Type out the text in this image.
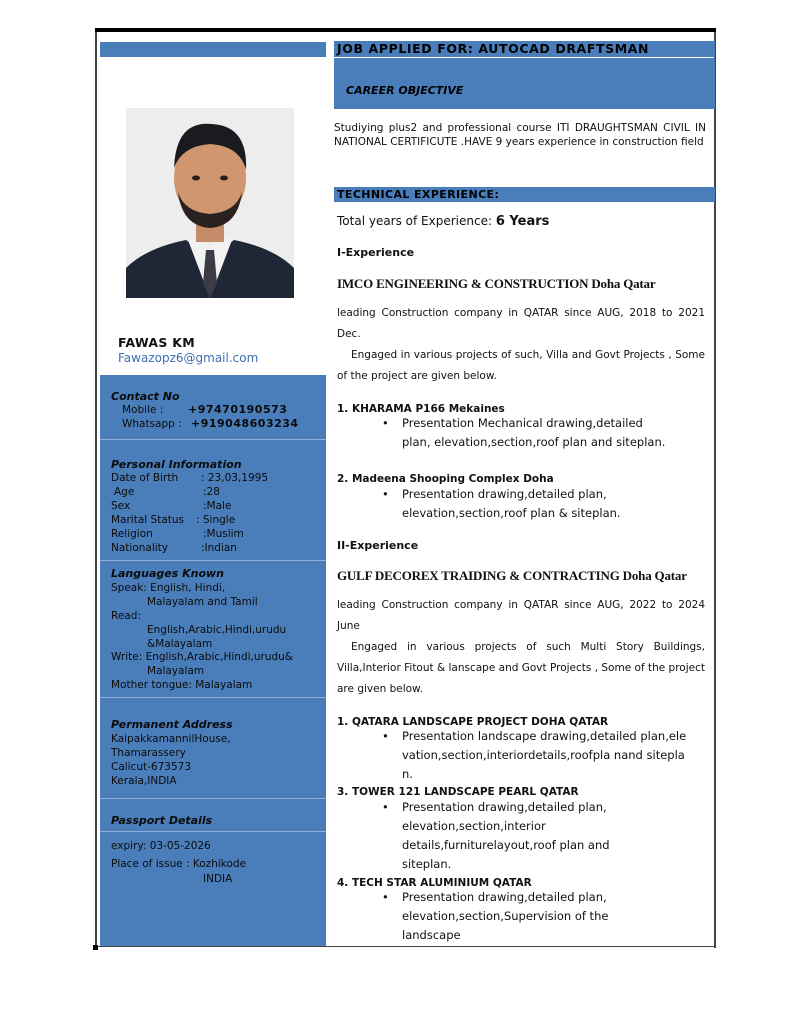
FAWAS KM
Fawazopz6@gmail.com
Contact No
Mobile : +97470190573
Whatsapp : +919048603234
Personal Information
Date of Birth : 23,03,1995
Age	:28
Sex	:Male
Marital Status : Single
Religion	:Muslim
Nationality	:Indian
Languages Known
Speak: English, Hindi,
Malayalam and Tamil
Read:
English,Arabic,Hindi,urudu
&Malayalam
Write: English,Arabic,Hindi,urudu&
Malayalam
Mother tongue: Malayalam
Permanent Address
KaipakkamannilHouse,
Thamarassery
Calicut-673573
Kerala,INDIA
Passport Details
expiry: 03-05-2026
Place of issue : Kozhikode
INDIA
JOB APPLIED FOR: AUTOCAD DRAFTSMAN
CAREER OBJECTIVE
Studiying plus2 and professional course ITI DRAUGHTSMAN CIVIL IN NATIONAL CERTIFICUTE .HAVE 9 years experience in construction field
TECHNICAL EXPERIENCE:
Total years of Experience: 6 Years
I-Experience
IMCO ENGINEERING & CONSTRUCTION Doha Qatar
leading Construction company in QATAR since AUG, 2018 to 2021 Dec.
Engaged in various projects of such, Villa and Govt Projects , Some of the project are given below.
1. KHARAMA P166 Mekaines
• Presentation Mechanical drawing,detailed plan, elevation,section,roof plan and siteplan.
2. Madeena Shooping Complex Doha
• Presentation drawing,detailed plan, elevation,section,roof plan & siteplan.
II-Experience
GULF DECOREX TRAIDING & CONTRACTING Doha Qatar
leading Construction company in QATAR since AUG, 2022 to 2024 June
Engaged in various projects of such Multi Story Buildings, Villa,Interior Fitout & lanscape and Govt Projects , Some of the project are given below.
1. QATARA LANDSCAPE PROJECT DOHA QATAR
• Presentation landscape drawing,detailed plan,elevation,section,interiordetails,roofpla nand siteplan.
3. TOWER 121 LANDSCAPE PEARL QATAR
• Presentation drawing,detailed plan, elevation,section,interior details,furniturelayout,roof plan and siteplan.
4. TECH STAR ALUMINIUM QATAR
• Presentation drawing,detailed plan, elevation,section,Supervision of the landscape
